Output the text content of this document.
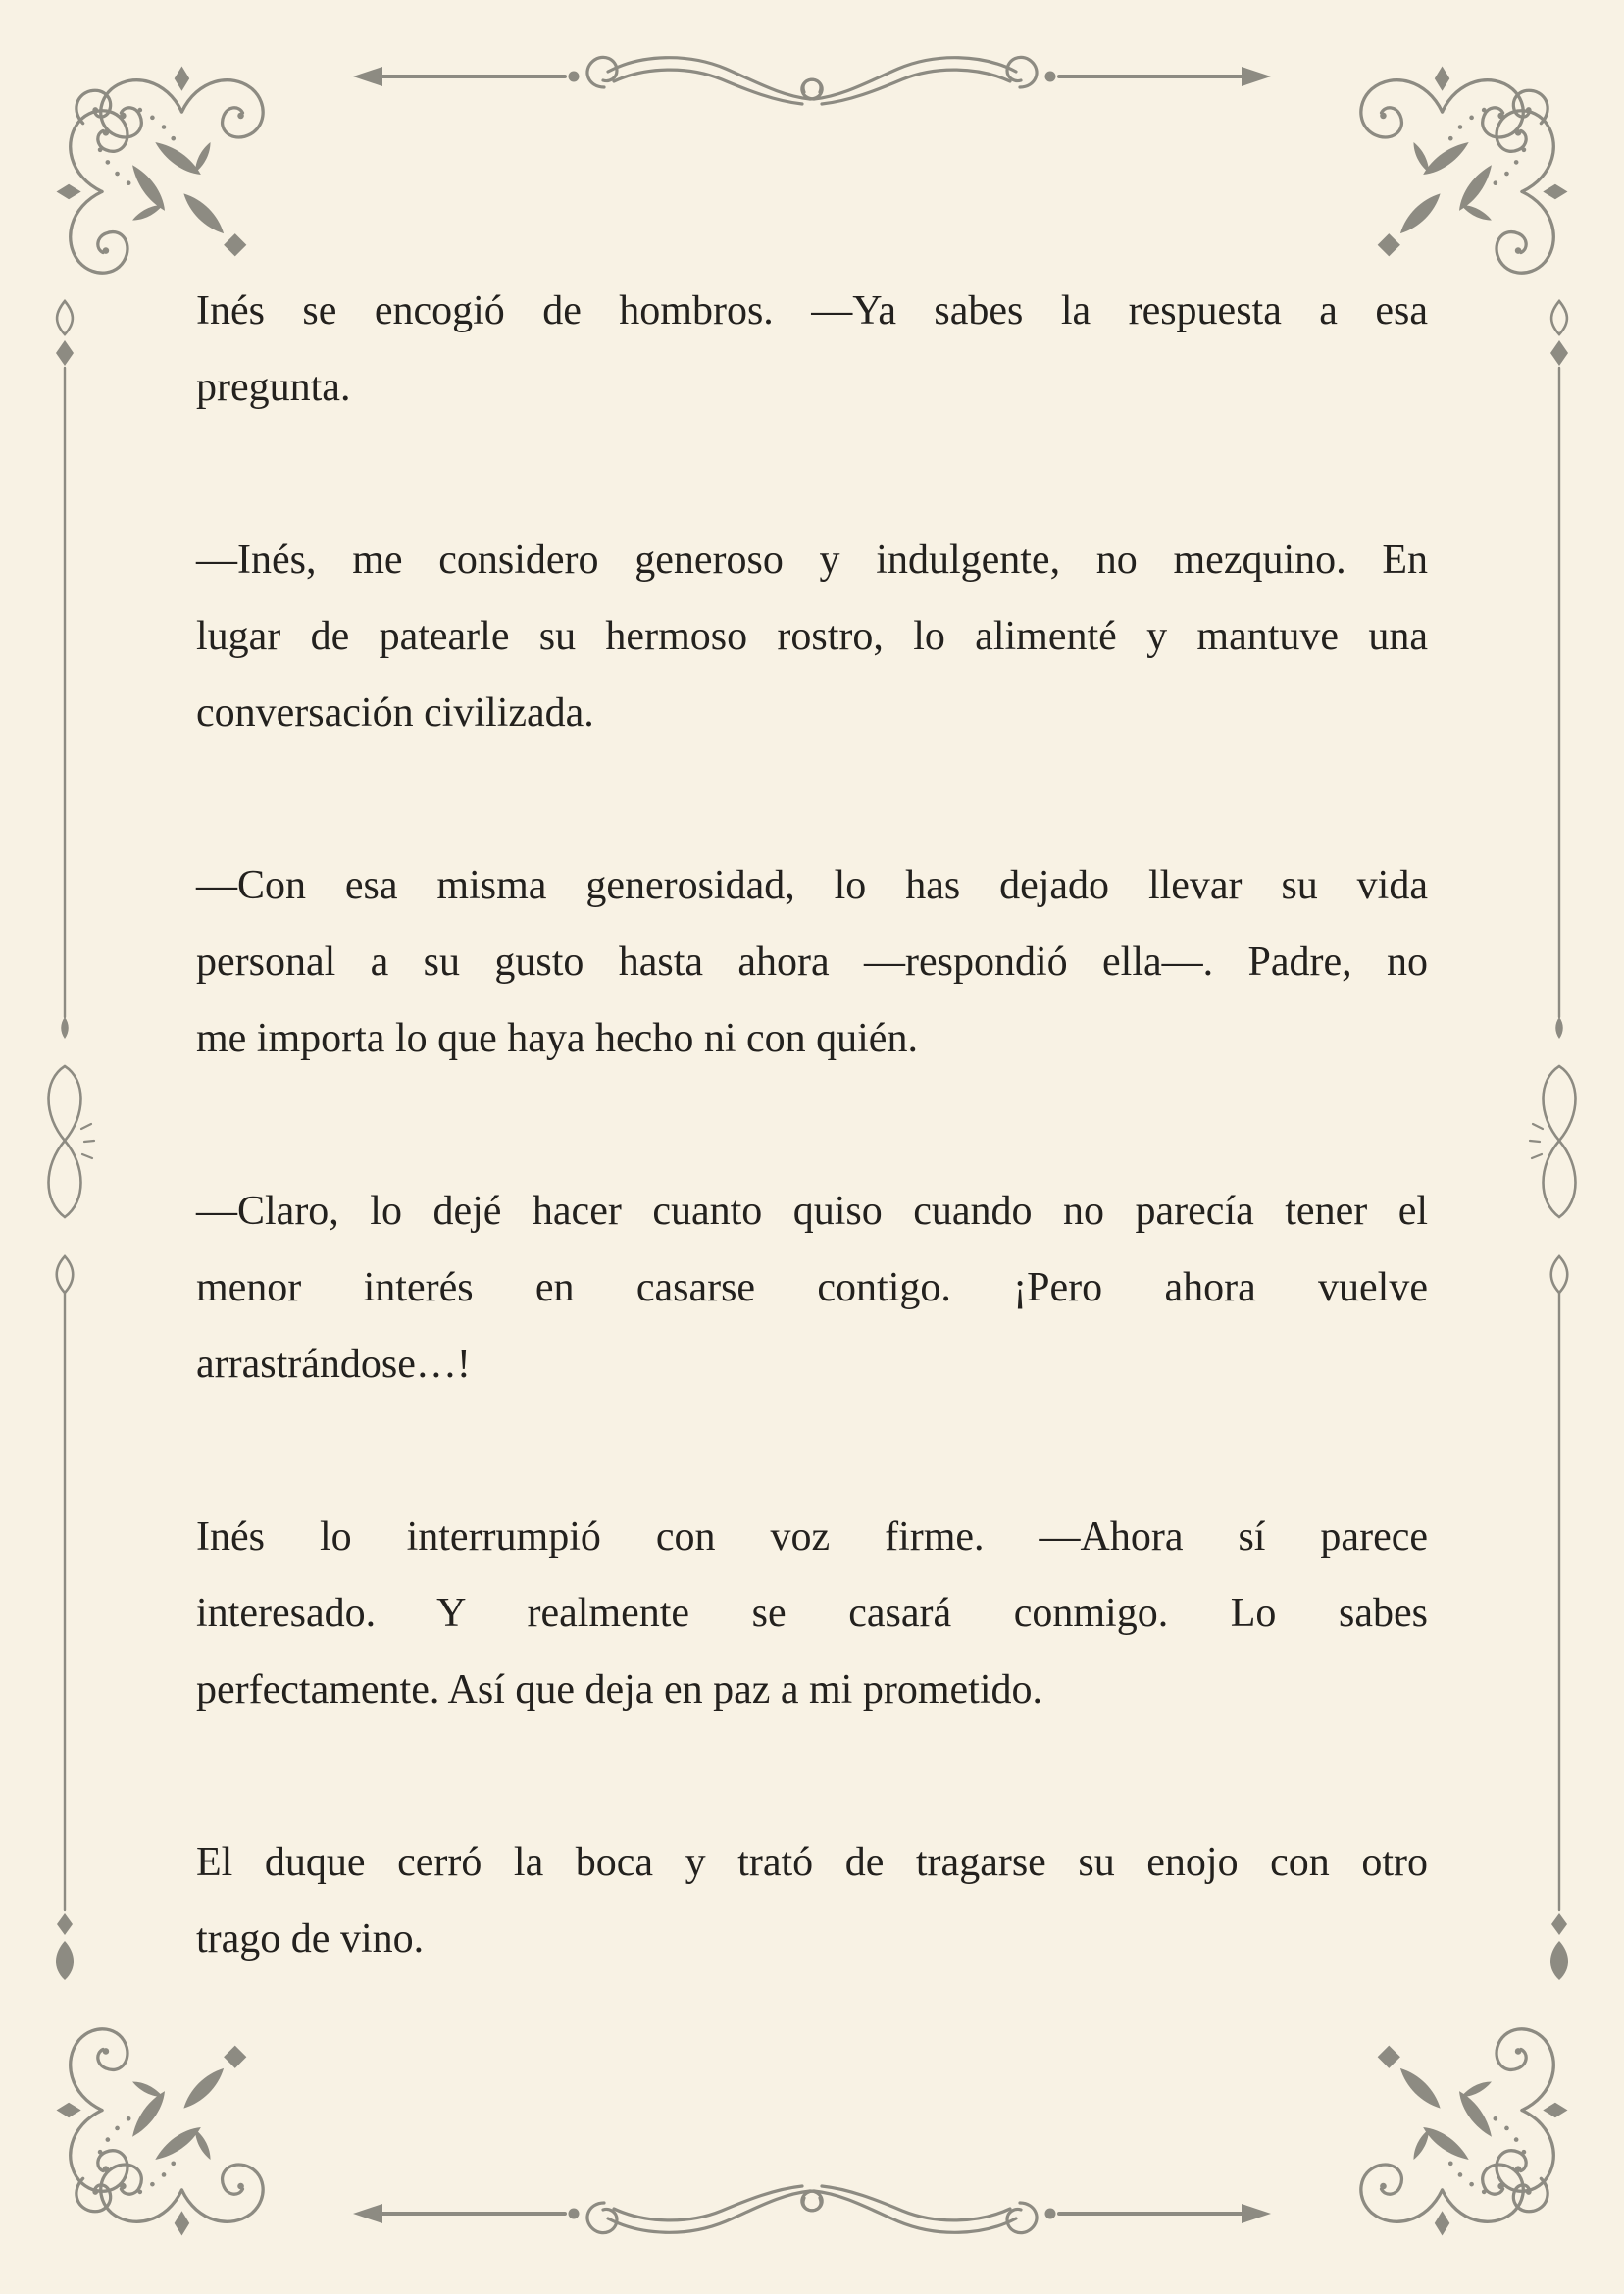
Inés se encogió de hombros. —Ya sabes la respuesta a esa
pregunta.
—Inés, me considero generoso y indulgente, no mezquino. En
lugar de patearle su hermoso rostro, lo alimenté y mantuve una
conversación civilizada.
—Con esa misma generosidad, lo has dejado llevar su vida
personal a su gusto hasta ahora —respondió ella—. Padre, no
me importa lo que haya hecho ni con quién.
—Claro, lo dejé hacer cuanto quiso cuando no parecía tener el
menor interés en casarse contigo. ¡Pero ahora vuelve
arrastrándose…!
Inés lo interrumpió con voz firme. —Ahora sí parece
interesado. Y realmente se casará conmigo. Lo sabes
perfectamente. Así que deja en paz a mi prometido.
El duque cerró la boca y trató de tragarse su enojo con otro
trago de vino.
